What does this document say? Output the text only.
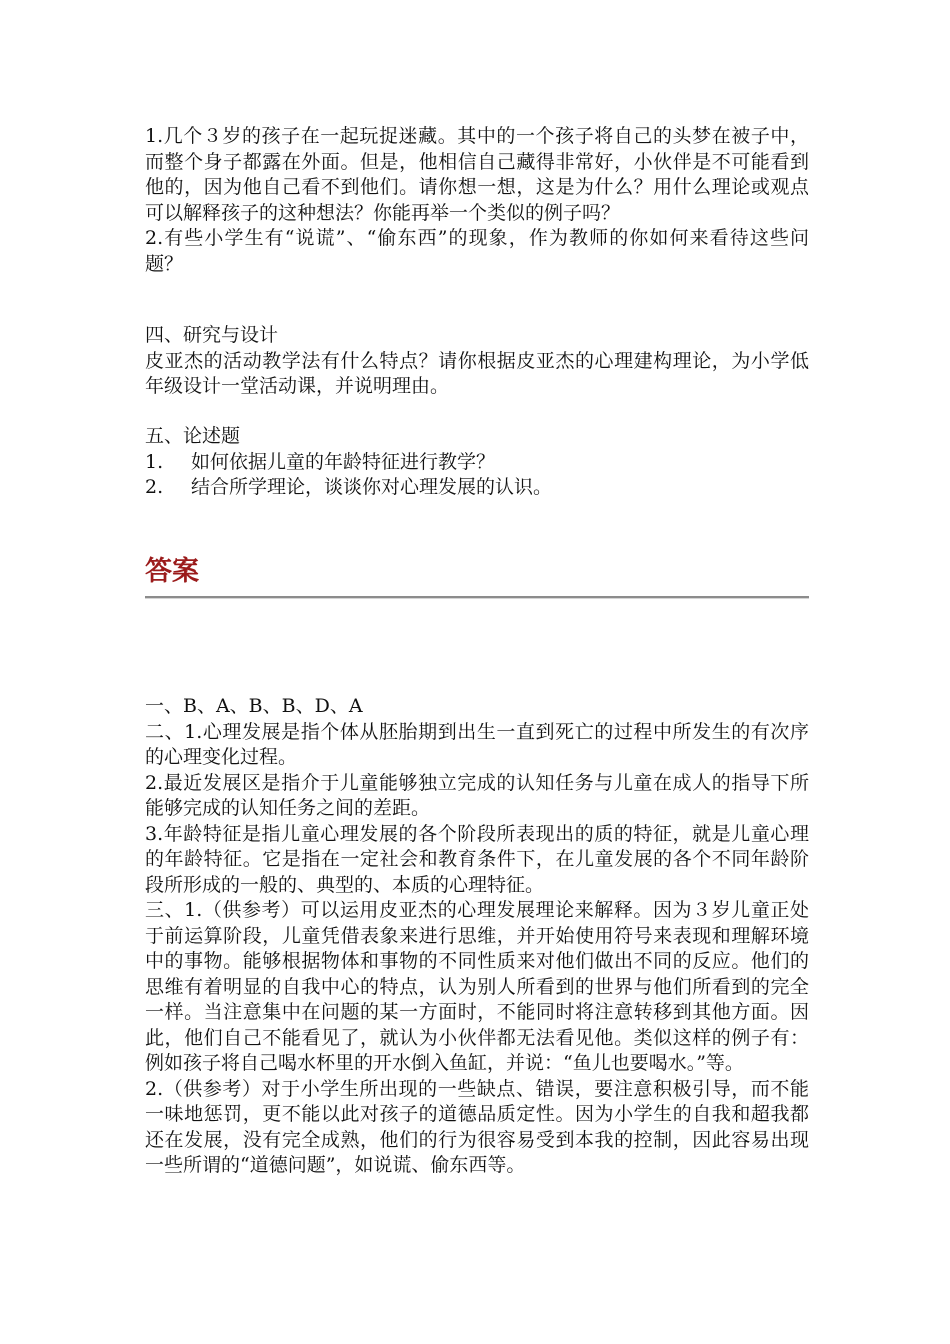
1.几个３岁的孩子在一起玩捉迷藏。其中的一个孩子将自己的头梦在被子中，而整个身子都露在外面。但是，他相信自己藏得非常好，小伙伴是不可能看到他的，因为他自己看不到他们。请你想一想，这是为什么？用什么理论或观点可以解释孩子的这种想法？你能再举一个类似的例子吗？

2.有些小学生有“说谎”、“偷东西”的现象，作为教师的你如何来看待这些问题？

四、研究与设计

皮亚杰的活动教学法有什么特点？请你根据皮亚杰的心理建构理论，为小学低年级设计一堂活动课，并说明理由。

五、论述题

1.	如何依据儿童的年龄特征进行教学？
2.	结合所学理论，谈谈你对心理发展的认识。
答案

一、B、A、B、B、D、A

二、1.心理发展是指个体从胚胎期到出生一直到死亡的过程中所发生的有次序的心理变化过程。

2.最近发展区是指介于儿童能够独立完成的认知任务与儿童在成人的指导下所能够完成的认知任务之间的差距。

3.年龄特征是指儿童心理发展的各个阶段所表现出的质的特征，就是儿童心理的年龄特征。它是指在一定社会和教育条件下，在儿童发展的各个不同年龄阶段所形成的一般的、典型的、本质的心理特征。

三、1.（供参考）可以运用皮亚杰的心理发展理论来解释。因为３岁儿童正处于前运算阶段，儿童凭借表象来进行思维，并开始使用符号来表现和理解环境中的事物。能够根据物体和事物的不同性质来对他们做出不同的反应。他们的思维有着明显的自我中心的特点，认为别人所看到的世界与他们所看到的完全一样。当注意集中在问题的某一方面时，不能同时将注意转移到其他方面。因此，他们自己不能看见了，就认为小伙伴都无法看见他。类似这样的例子有：例如孩子将自己喝水杯里的开水倒入鱼缸，并说：“鱼儿也要喝水。”等。

2.（供参考）对于小学生所出现的一些缺点、错误，要注意积极引导，而不能一味地惩罚，更不能以此对孩子的道德品质定性。因为小学生的自我和超我都还在发展，没有完全成熟，他们的行为很容易受到本我的控制，因此容易出现一些所谓的“道德问题”，如说谎、偷东西等。
